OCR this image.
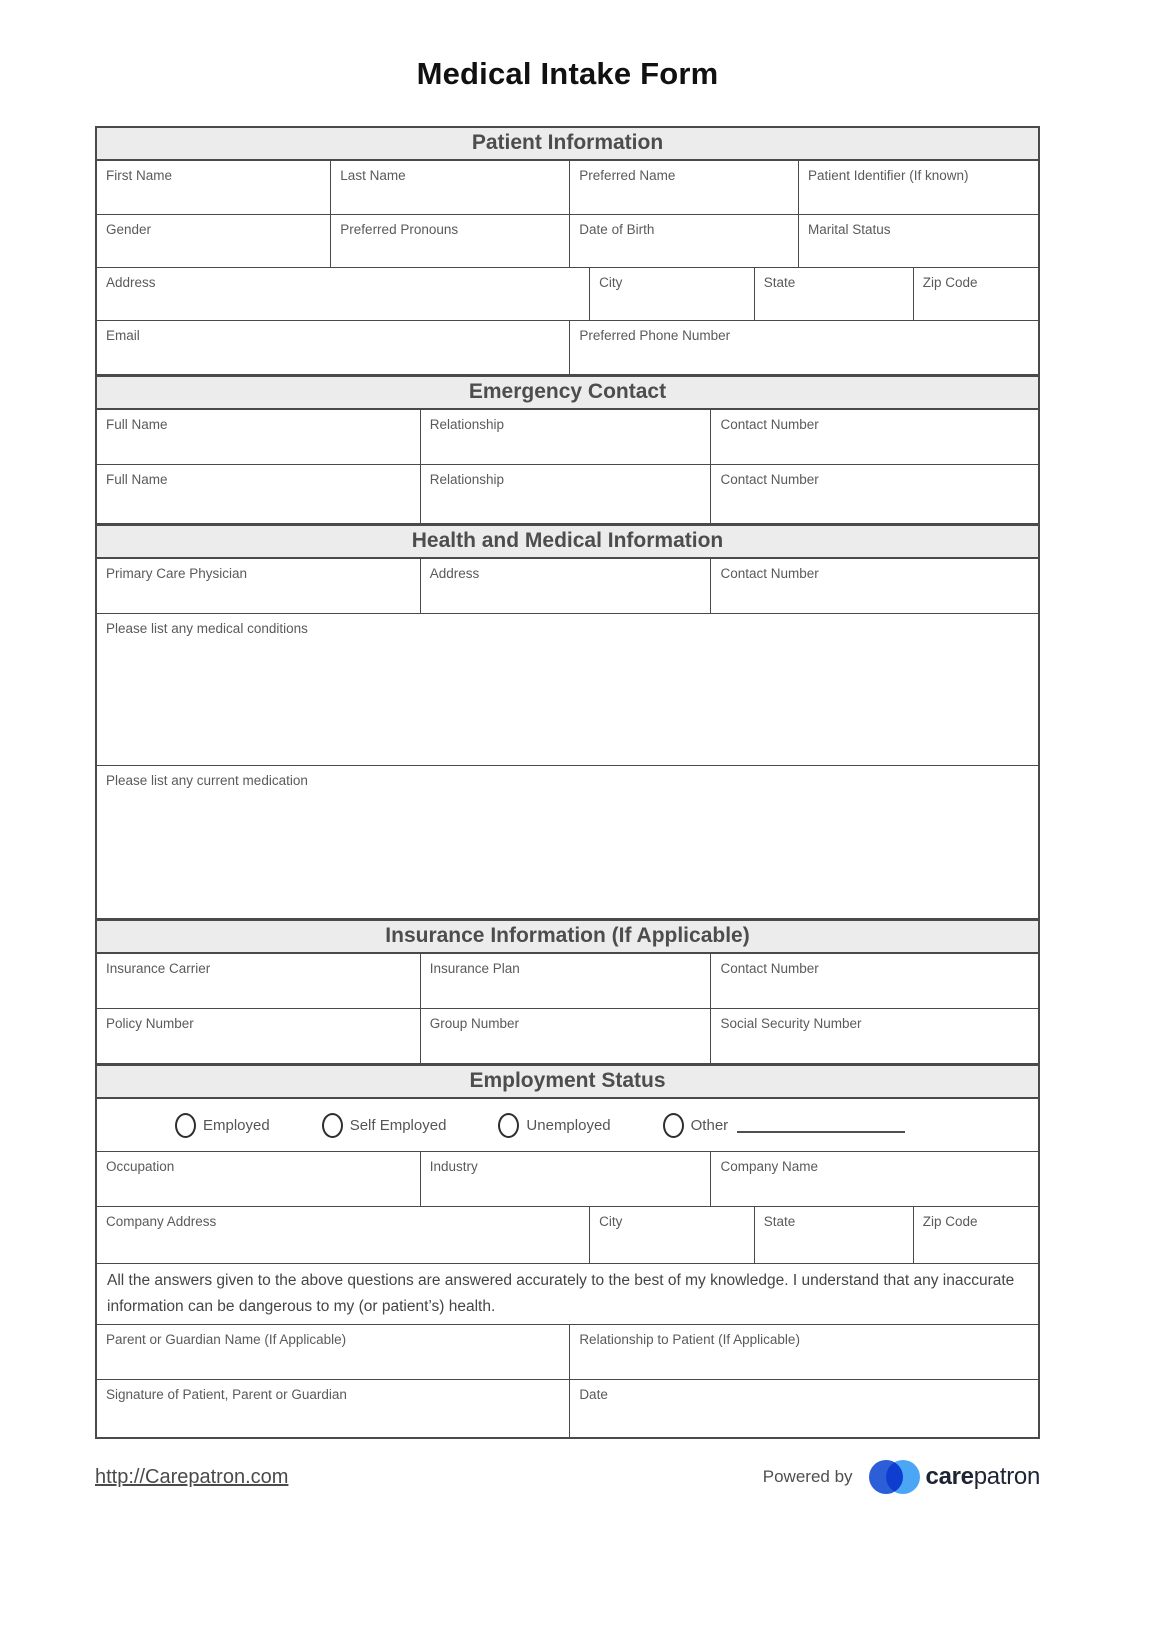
Medical Intake Form
Patient Information
First Name	Last Name	Preferred Name	Patient Identifier (If known)
Gender	Preferred Pronouns	Date of Birth	Marital Status
Address	City	State	Zip Code
Email	Preferred Phone Number
Emergency Contact
Full Name	Relationship	Contact Number
Full Name	Relationship	Contact Number
Health and Medical Information
Primary Care Physician	Address	Contact Number
Please list any medical conditions
Please list any current medication
Insurance Information (If Applicable)
Insurance Carrier	Insurance Plan	Contact Number
Policy Number	Group Number	Social Security Number
Employment Status
Employed	Self Employed	Unemployed	Other
Occupation	Industry	Company Name
Company Address	City	State	Zip Code
All the answers given to the above questions are answered accurately to the best of my knowledge. I understand that any inaccurate information can be dangerous to my (or patient’s) health.
Parent or Guardian Name (If Applicable)	Relationship to Patient (If Applicable)
Signature of Patient, Parent or Guardian	Date
http://Carepatron.com	Powered by	carepatron
